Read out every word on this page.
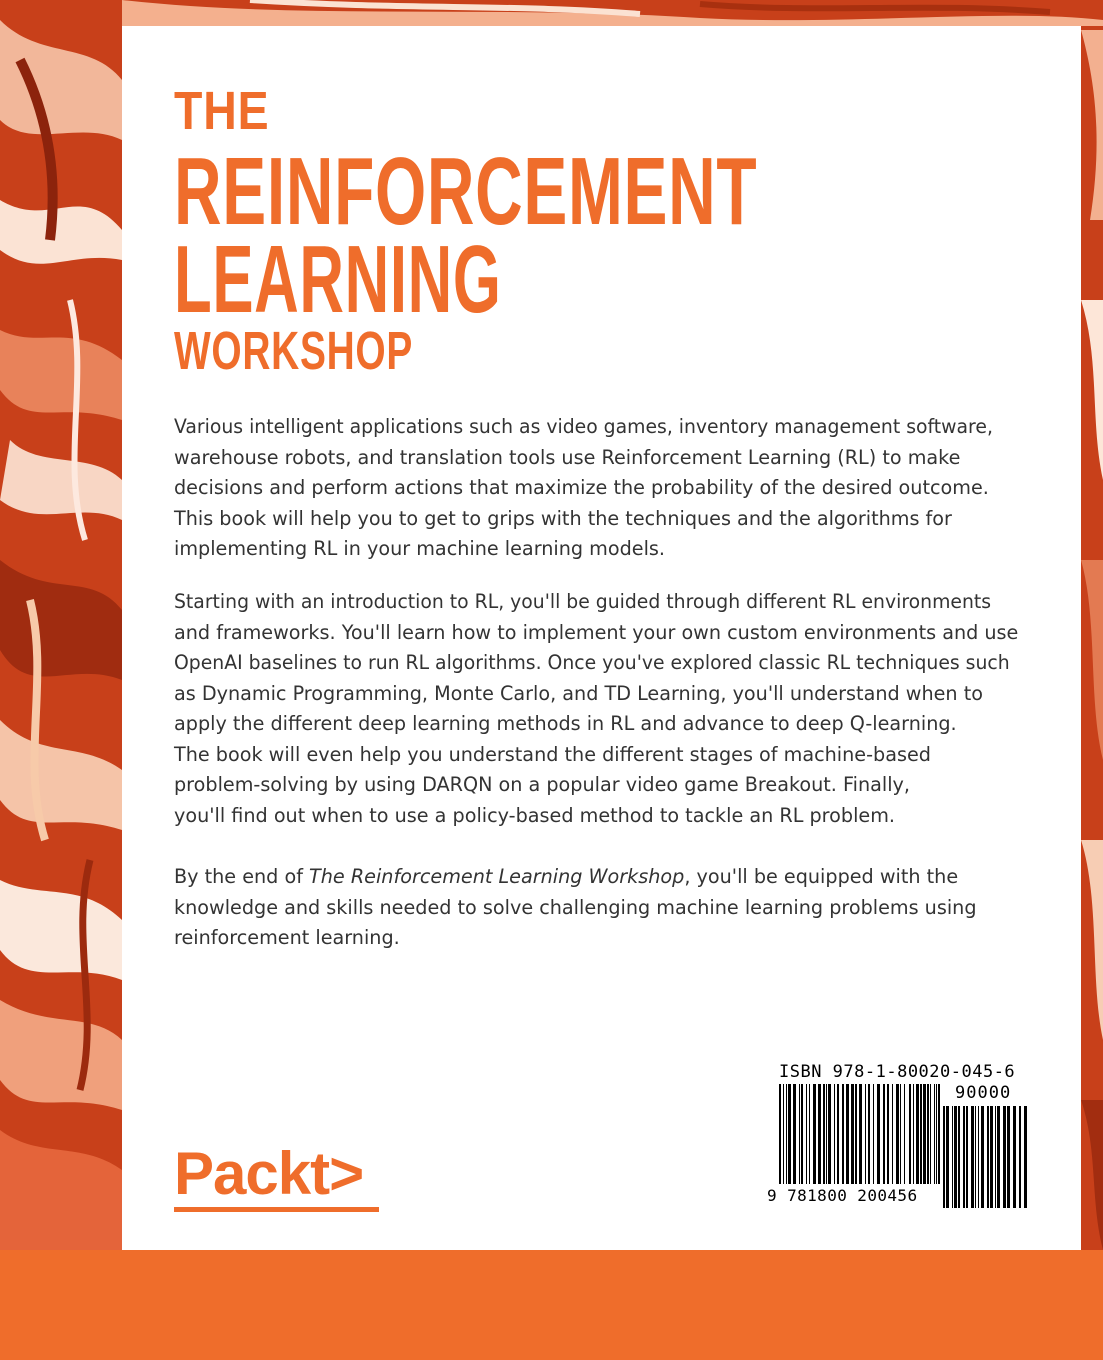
THE
REINFORCEMENT
LEARNING
WORKSHOP

Various intelligent applications such as video games, inventory management software,
warehouse robots, and translation tools use Reinforcement Learning (RL) to make
decisions and perform actions that maximize the probability of the desired outcome.
This book will help you to get to grips with the techniques and the algorithms for
implementing RL in your machine learning models.

Starting with an introduction to RL, you'll be guided through different RL environments
and frameworks. You'll learn how to implement your own custom environments and use
OpenAI baselines to run RL algorithms. Once you've explored classic RL techniques such
as Dynamic Programming, Monte Carlo, and TD Learning, you'll understand when to
apply the different deep learning methods in RL and advance to deep Q-learning.
The book will even help you understand the different stages of machine-based
problem-solving by using DARQN on a popular video game Breakout. Finally,
you'll find out when to use a policy-based method to tackle an RL problem.

By the end of The Reinforcement Learning Workshop, you'll be equipped with the
knowledge and skills needed to solve challenging machine learning problems using
reinforcement learning.

Packt>

ISBN 978-1-80020-045-6

90000

9 781800 200456
